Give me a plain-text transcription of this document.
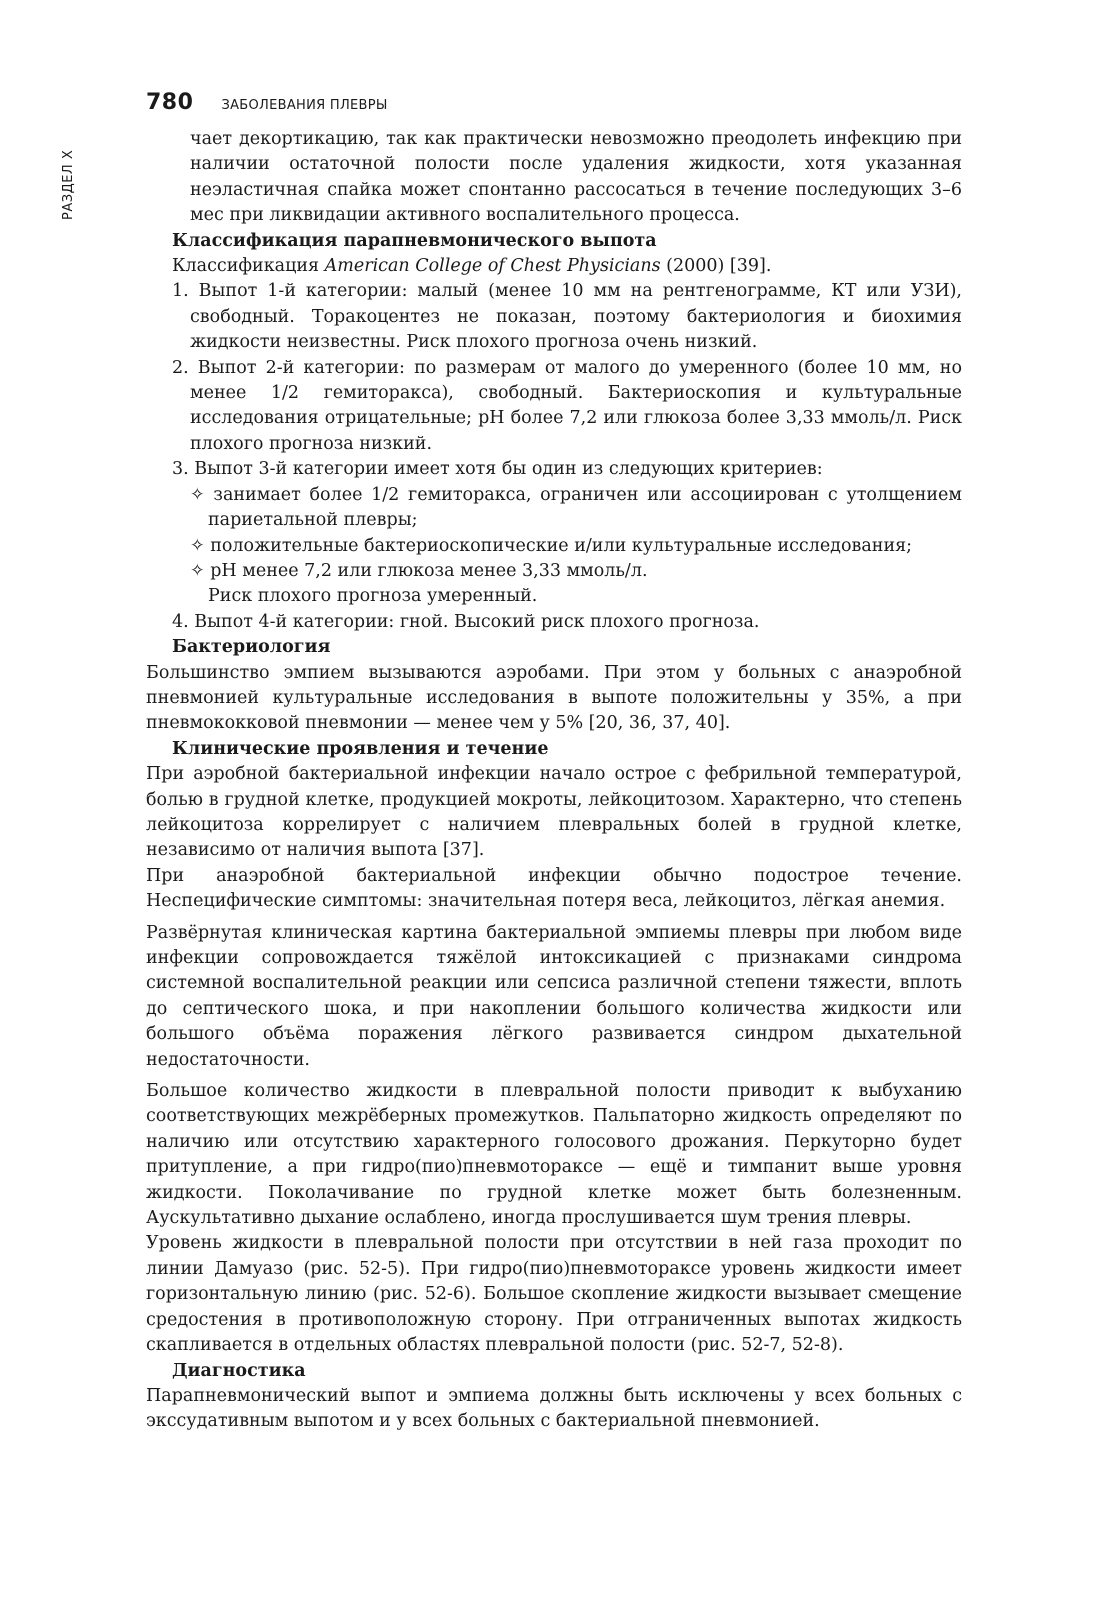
780 ЗАБОЛЕВАНИЯ ПЛЕВРЫ
РАЗДЕЛ X

чает декортикацию, так как практически невозможно преодолеть инфекцию при наличии остаточной полости после удаления жидкости, хотя указанная неэластичная спайка может спонтанно рассосаться в течение последующих 3–6 мес при ликвидации активного воспалительного процесса.

Классификация парапневмонического выпота

Классификация American College of Chest Physicians (2000) [39].

1. Выпот 1-й категории: малый (менее 10 мм на рентгенограмме, КТ или УЗИ), свободный. Торакоцентез не показан, поэтому бактериология и биохимия жидкости неизвестны. Риск плохого прогноза очень низкий.

2. Выпот 2-й категории: по размерам от малого до умеренного (более 10 мм, но менее 1/2 гемиторакса), свободный. Бактериоскопия и культуральные исследования отрицательные; рН более 7,2 или глюкоза более 3,33 ммоль/л. Риск плохого прогноза низкий.

3. Выпот 3-й категории имеет хотя бы один из следующих критериев:

✧ занимает более 1/2 гемиторакса, ограничен или ассоциирован с утолщением париетальной плевры;

✧ положительные бактериоскопические и/или культуральные исследования;

✧ рН менее 7,2 или глюкоза менее 3,33 ммоль/л.

Риск плохого прогноза умеренный.

4. Выпот 4-й категории: гной. Высокий риск плохого прогноза.

Бактериология

Большинство эмпием вызываются аэробами. При этом у больных с анаэробной пневмонией культуральные исследования в выпоте положительны у 35%, а при пневмококковой пневмонии — менее чем у 5% [20, 36, 37, 40].

Клинические проявления и течение

При аэробной бактериальной инфекции начало острое с фебрильной температурой, болью в грудной клетке, продукцией мокроты, лейкоцитозом. Характерно, что степень лейкоцитоза коррелирует с наличием плевральных болей в грудной клетке, независимо от наличия выпота [37].

При анаэробной бактериальной инфекции обычно подострое течение. Неспецифические симптомы: значительная потеря веса, лейкоцитоз, лёгкая анемия.

Развёрнутая клиническая картина бактериальной эмпиемы плевры при любом виде инфекции сопровождается тяжёлой интоксикацией с признаками синдрома системной воспалительной реакции или сепсиса различной степени тяжести, вплоть до септического шока, и при накоплении большого количества жидкости или большого объёма поражения лёгкого развивается синдром дыхательной недостаточности.

Большое количество жидкости в плевральной полости приводит к выбуханию соответствующих межрёберных промежутков. Пальпаторно жидкость определяют по наличию или отсутствию характерного голосового дрожания. Перкуторно будет притупление, а при гидро(пио)пневмотораксе — ещё и тимпанит выше уровня жидкости. Поколачивание по грудной клетке может быть болезненным. Аускультативно дыхание ослаблено, иногда прослушивается шум трения плевры.

Уровень жидкости в плевральной полости при отсутствии в ней газа проходит по линии Дамуазо (рис. 52-5). При гидро(пио)пневмотораксе уровень жидкости имеет горизонтальную линию (рис. 52-6). Большое скопление жидкости вызывает смещение средостения в противоположную сторону. При отграниченных выпотах жидкость скапливается в отдельных областях плевральной полости (рис. 52-7, 52-8).

Диагностика

Парапневмонический выпот и эмпиема должны быть исключены у всех больных с экссудативным выпотом и у всех больных с бактериальной пневмонией.
